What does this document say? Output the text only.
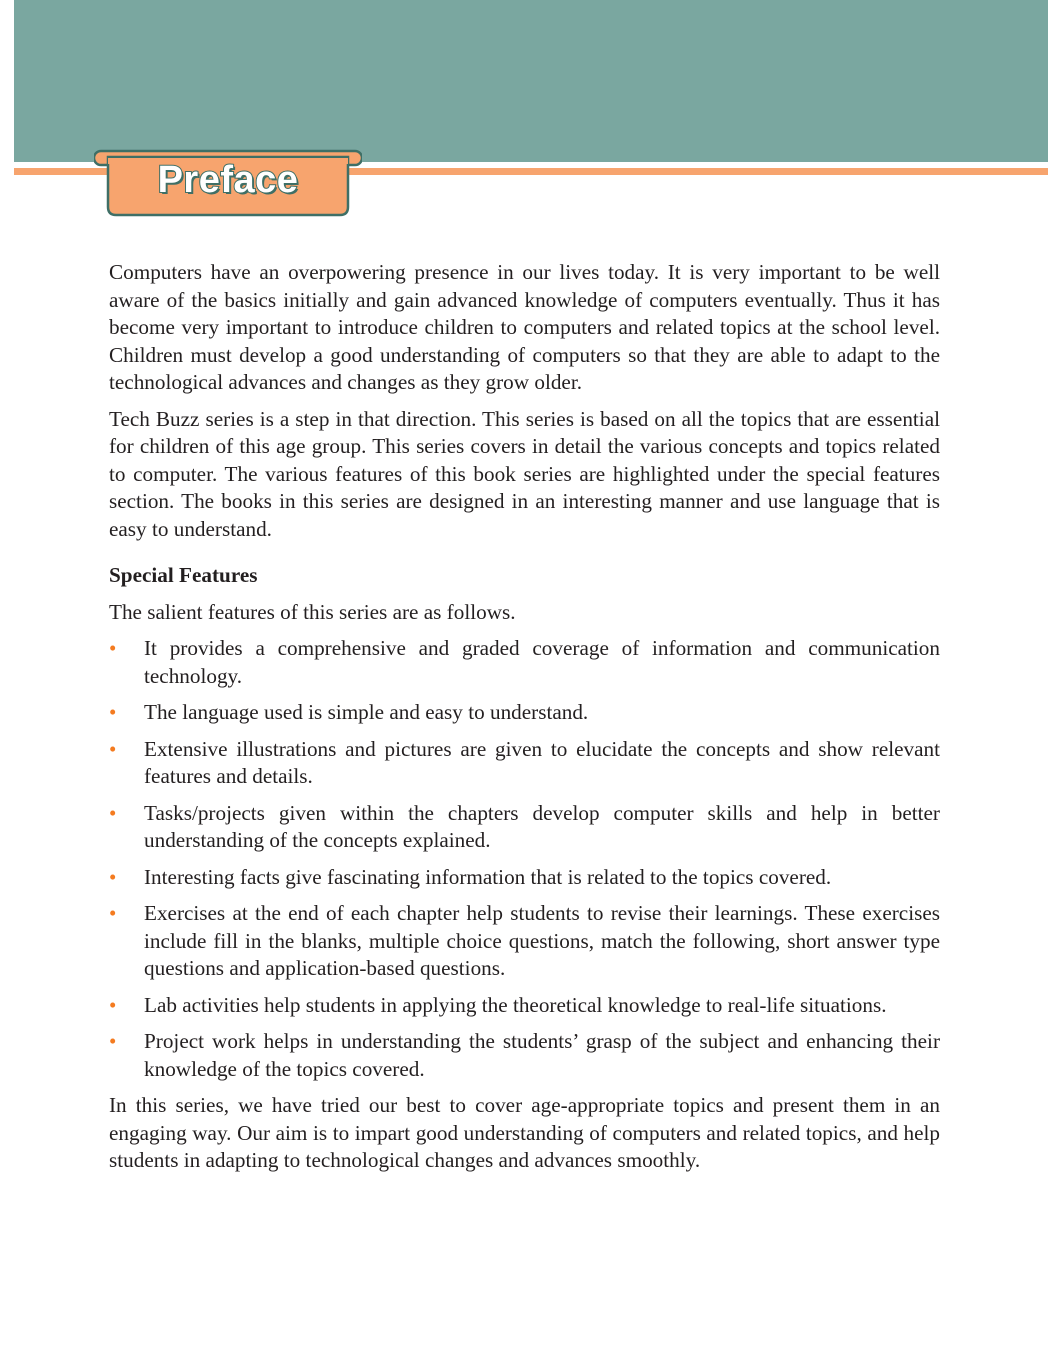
Preface

Computers have an overpowering presence in our lives today. It is very important to be well aware of the basics initially and gain advanced knowledge of computers eventually. Thus it has become very important to introduce children to computers and related topics at the school level. Children must develop a good understanding of computers so that they are able to adapt to the technological advances and changes as they grow older.

Tech Buzz series is a step in that direction. This series is based on all the topics that are essential for children of this age group. This series covers in detail the various concepts and topics related to computer. The various features of this book series are highlighted under the special features section. The books in this series are designed in an interesting manner and use language that is easy to understand.

Special Features

The salient features of this series are as follows.

• It provides a comprehensive and graded coverage of information and communication technology.
• The language used is simple and easy to understand.
• Extensive illustrations and pictures are given to elucidate the concepts and show relevant features and details.
• Tasks/projects given within the chapters develop computer skills and help in better understanding of the concepts explained.
• Interesting facts give fascinating information that is related to the topics covered.
• Exercises at the end of each chapter help students to revise their learnings. These exercises include fill in the blanks, multiple choice questions, match the following, short answer type questions and application-based questions.
• Lab activities help students in applying the theoretical knowledge to real-life situations.
• Project work helps in understanding the students’ grasp of the subject and enhancing their knowledge of the topics covered.

In this series, we have tried our best to cover age-appropriate topics and present them in an engaging way. Our aim is to impart good understanding of computers and related topics, and help students in adapting to technological changes and advances smoothly.
